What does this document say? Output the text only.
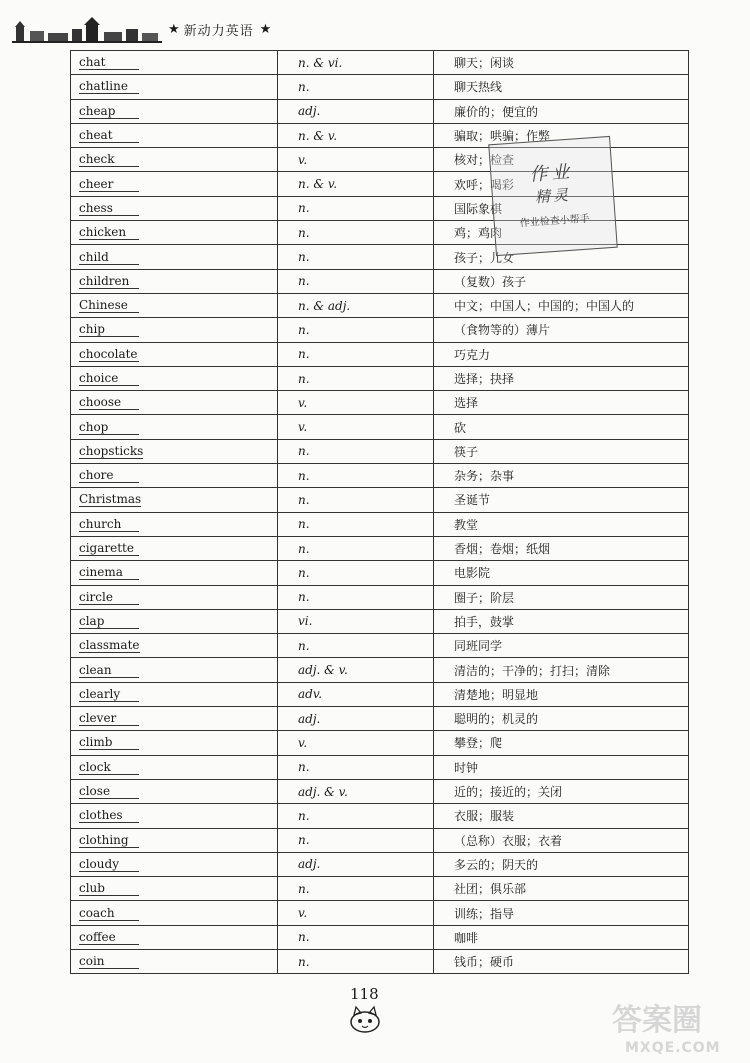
★ 新动力英语 ★
chat	n. & vi.	聊天；闲谈
chatline	n.	聊天热线
cheap	adj.	廉价的；便宜的
cheat	n. & v.	骗取；哄骗；作弊
check	v.	核对；检查
cheer	n. & v.	欢呼；喝彩
chess	n.	国际象棋
chicken	n.	鸡；鸡肉
child	n.	孩子；儿女
children	n.	（复数）孩子
Chinese	n. & adj.	中文；中国人；中国的；中国人的
chip	n.	（食物等的）薄片
chocolate	n.	巧克力
choice	n.	选择；抉择
choose	v.	选择
chop	v.	砍
chopsticks	n.	筷子
chore	n.	杂务；杂事
Christmas	n.	圣诞节
church	n.	教堂
cigarette	n.	香烟；卷烟；纸烟
cinema	n.	电影院
circle	n.	圈子；阶层
clap	vi.	拍手，鼓掌
classmate	n.	同班同学
clean	adj. & v.	清洁的；干净的；打扫；清除
clearly	adv.	清楚地；明显地
clever	adj.	聪明的；机灵的
climb	v.	攀登；爬
clock	n.	时钟
close	adj. & v.	近的；接近的；关闭
clothes	n.	衣服；服装
clothing	n.	（总称）衣服；衣着
cloudy	adj.	多云的；阴天的
club	n.	社团；俱乐部
coach	v.	训练；指导
coffee	n.	咖啡
coin	n.	钱币；硬币
作业
精灵
作业检查小帮手
118
答案圈
MXQE.COM
